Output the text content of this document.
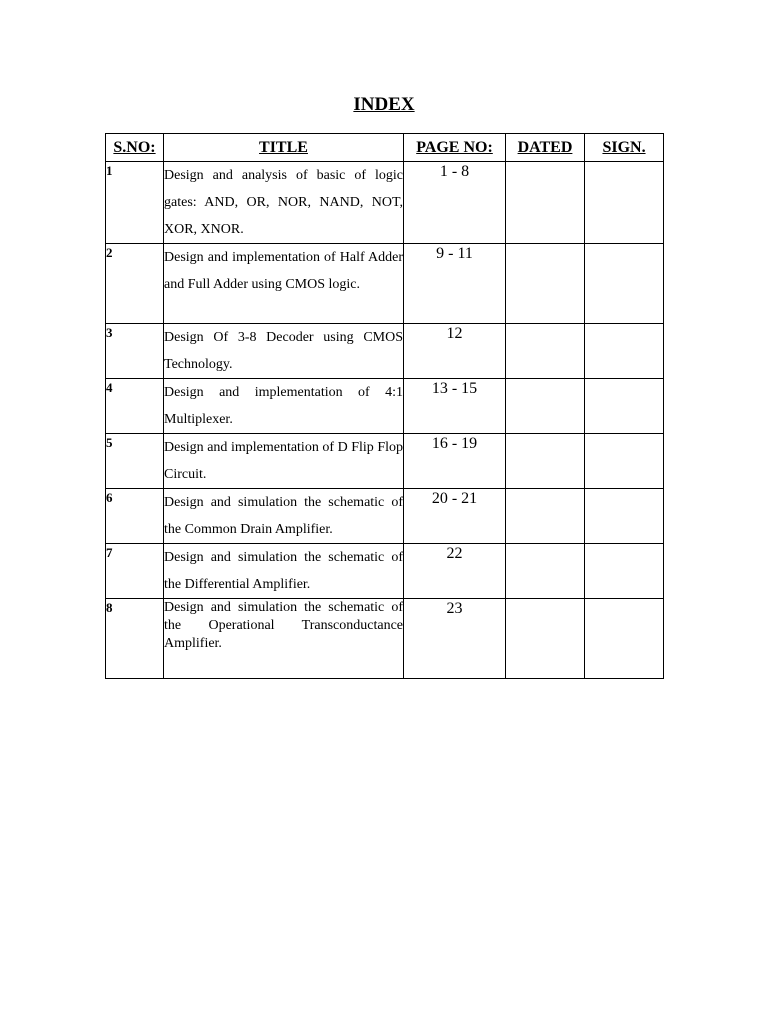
INDEX
S.NO:	TITLE	PAGE NO:	DATED	SIGN.
1	Design and analysis of basic of logic gates: AND, OR, NOR, NAND, NOT, XOR, XNOR.	1 - 8		
2	Design and implementation of Half Adder and Full Adder using CMOS logic.	9 - 11		
3	Design Of 3-8 Decoder using CMOS Technology.	12		
4	Design and implementation of 4:1 Multiplexer.	13 - 15		
5	Design and implementation of D Flip Flop Circuit.	16 - 19		
6	Design and simulation the schematic of the Common Drain Amplifier.	20 - 21		
7	Design and simulation the schematic of the Differential Amplifier.	22		
8	Design and simulation the schematic of the Operational Transconductance Amplifier.	23		
